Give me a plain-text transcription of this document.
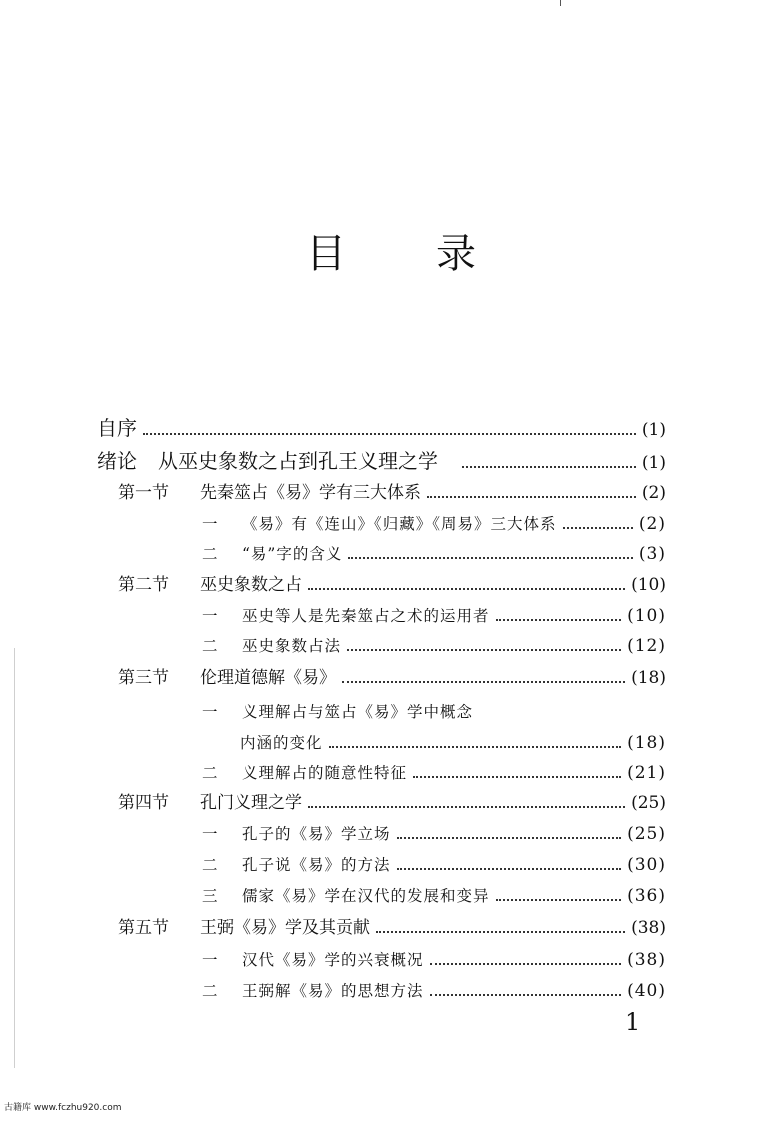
目 录
自序	(1)
绪论	从巫史象数之占到孔王义理之学	(1)
第一节	先秦筮占《易》学有三大体系	(2)
一	《易》有《连山》《归藏》《周易》三大体系	(2)
二	“易”字的含义	(3)
第二节	巫史象数之占	(10)
一	巫史等人是先秦筮占之术的运用者	(10)
二	巫史象数占法	(12)
第三节	伦理道德解《易》	(18)
一	义理解占与筮占《易》学中概念
内涵的变化	(18)
二	义理解占的随意性特征	(21)
第四节	孔门义理之学	(25)
一	孔子的《易》学立场	(25)
二	孔子说《易》的方法	(30)
三	儒家《易》学在汉代的发展和变异	(36)
第五节	王弼《易》学及其贡献	(38)
一	汉代《易》学的兴衰概况	(38)
二	王弼解《易》的思想方法	(40)
1
古籍库 www.fczhu920.com
